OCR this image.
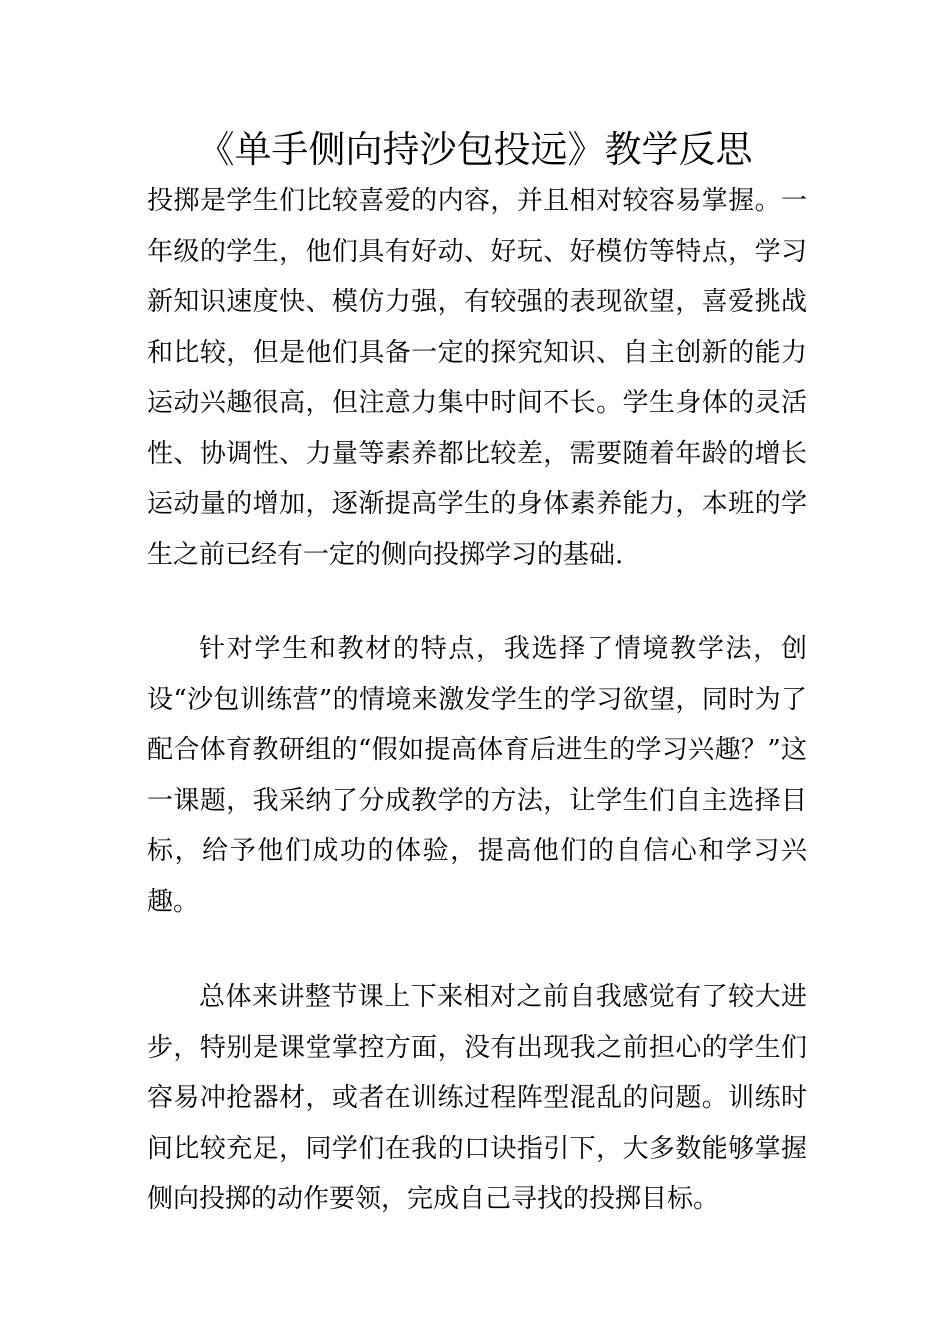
《单手侧向持沙包投远》教学反思

投掷是学生们比较喜爱的内容，并且相对较容易掌握。一年级的学生，他们具有好动、好玩、好模仿等特点，学习新知识速度快、模仿力强，有较强的表现欲望，喜爱挑战和比较，但是他们具备一定的探究知识、自主创新的能力运动兴趣很高，但注意力集中时间不长。学生身体的灵活性、协调性、力量等素养都比较差，需要随着年龄的增长运动量的增加，逐渐提高学生的身体素养能力，本班的学生之前已经有一定的侧向投掷学习的基础.

针对学生和教材的特点，我选择了情境教学法，创设“沙包训练营”的情境来激发学生的学习欲望，同时为了配合体育教研组的“假如提高体育后进生的学习兴趣？”这一课题，我采纳了分成教学的方法，让学生们自主选择目标，给予他们成功的体验，提高他们的自信心和学习兴趣。

总体来讲整节课上下来相对之前自我感觉有了较大进步，特别是课堂掌控方面，没有出现我之前担心的学生们容易冲抢器材，或者在训练过程阵型混乱的问题。训练时间比较充足，同学们在我的口诀指引下，大多数能够掌握侧向投掷的动作要领，完成自己寻找的投掷目标。
